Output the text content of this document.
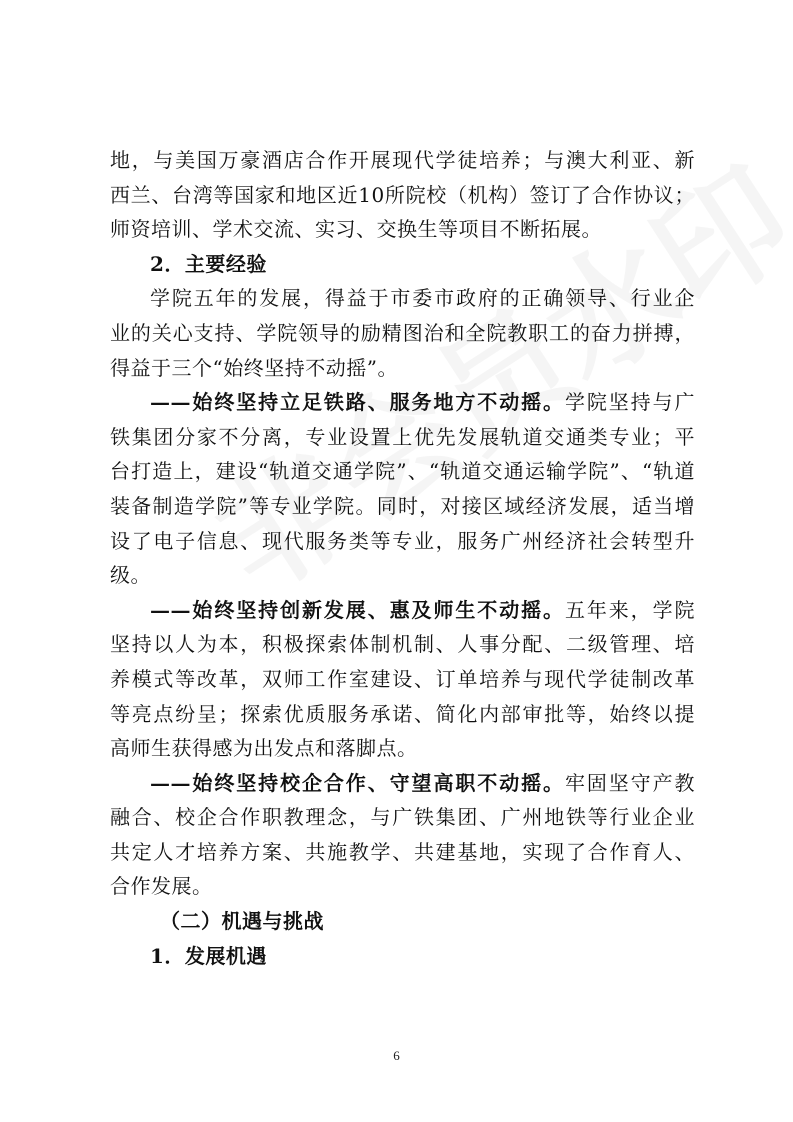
地，与美国万豪酒店合作开展现代学徒培养；与澳大利亚、新
西兰、台湾等国家和地区近10所院校（机构）签订了合作协议；
师资培训、学术交流、实习、交换生等项目不断拓展。
2．主要经验
学院五年的发展，得益于市委市政府的正确领导、行业企
业的关心支持、学院领导的励精图治和全院教职工的奋力拼搏，
得益于三个“始终坚持不动摇”。
——始终坚持立足铁路、服务地方不动摇。学院坚持与广
铁集团分家不分离，专业设置上优先发展轨道交通类专业；平
台打造上，建设“轨道交通学院”、“轨道交通运输学院”、“轨道
装备制造学院”等专业学院。同时，对接区域经济发展，适当增
设了电子信息、现代服务类等专业，服务广州经济社会转型升
级。
——始终坚持创新发展、惠及师生不动摇。五年来，学院
坚持以人为本，积极探索体制机制、人事分配、二级管理、培
养模式等改革，双师工作室建设、订单培养与现代学徒制改革
等亮点纷呈；探索优质服务承诺、简化内部审批等，始终以提
高师生获得感为出发点和落脚点。
——始终坚持校企合作、守望高职不动摇。牢固坚守产教
融合、校企合作职教理念，与广铁集团、广州地铁等行业企业
共定人才培养方案、共施教学、共建基地，实现了合作育人、
合作发展。
（二）机遇与挑战
1．发展机遇
6
